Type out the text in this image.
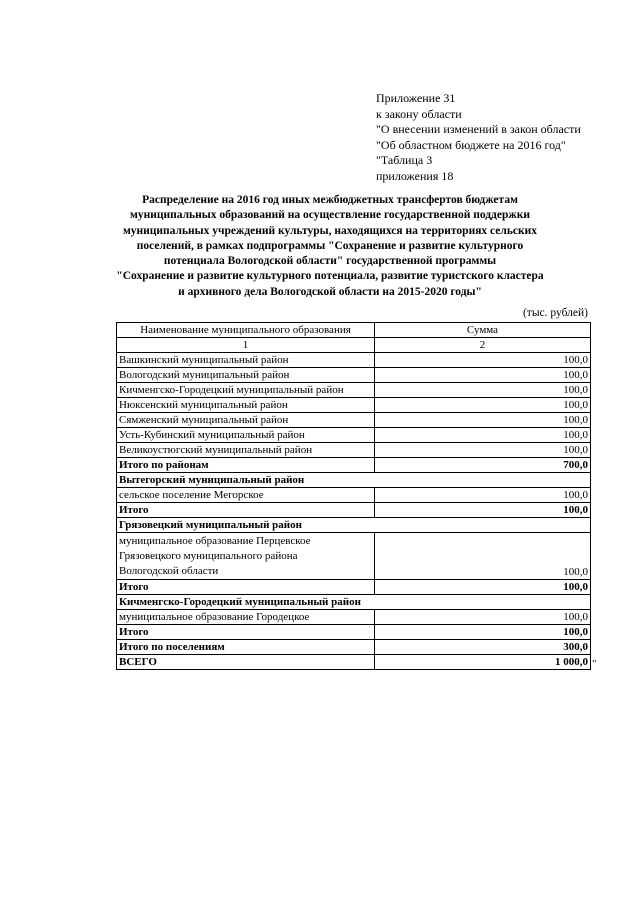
Приложение 31
к закону области
"О внесении изменений в закон области
"Об областном бюджете на 2016 год"
"Таблица 3
приложения 18
Распределение на 2016 год иных межбюджетных трансфертов бюджетам
муниципальных образований на осуществление государственной поддержки
муниципальных учреждений культуры, находящихся на территориях сельских
поселений, в рамках подпрограммы "Сохранение и развитие культурного
потенциала Вологодской области" государственной программы
"Сохранение и развитие культурного потенциала, развитие туристского кластера
и архивного дела Вологодской области на 2015-2020 годы"
(тыс. рублей)
Наименование муниципального образования	Сумма
1	2
Вашкинский муниципальный район	100,0
Вологодский муниципальный район	100,0
Кичменгско-Городецкий муниципальный район	100,0
Нюксенский муниципальный район	100,0
Сямженский муниципальный район	100,0
Усть-Кубинский муниципальный район	100,0
Великоустюгский муниципальный район	100,0
Итого по районам	700,0
Вытегорский муниципальный район	
сельское поселение Мегорское	100,0
Итого	100,0
Грязовецкий муниципальный район	

муниципальное образование Перцевское
Грязовецкого муниципального района
Вологодской области	100,0
Итого	100,0
Кичменгско-Городецкий муниципальный район	
муниципальное образование Городецкое	100,0
Итого	100,0
Итого по поселениям	300,0
ВСЕГО	1 000,0 "
